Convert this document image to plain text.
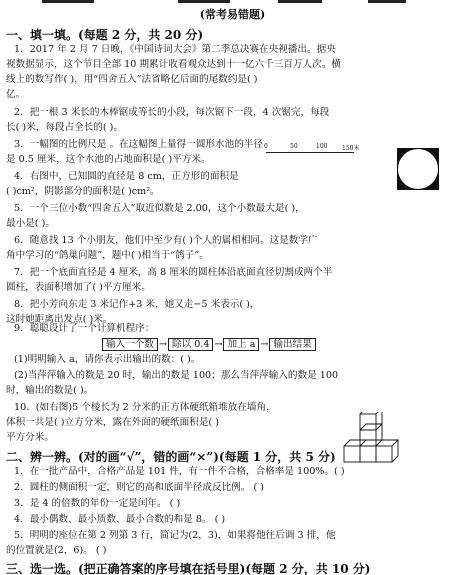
(常考易错题)
一、填一填。(每题 2 分，共 20 分)
1．2017 年 2 月 7 日晚，《中国诗词大会》第二季总决赛在央视播出。据央
视数据显示，这个节目全部 10 期累计收看观众达到十一亿六千三百万人次。横
线上的数写作( )，用“四舍五入”法省略亿后面的尾数约是( )
亿。
2．把一根 3 米长的木棒锯成等长的小段，每次锯下一段，4 次锯完，每段
长( )米，每段占全长的( )。
3．一幅图的比例尺是 。在这幅图上量得一圆形水池的半径
是 0.5 厘米，这个水池的占地面积是( )平方米。
0	50	100 150米
4．右图中，已知圆的直径是 8 cm，正方形的面积是
( )cm²，阴影部分的面积是( )cm²。
5．一个三位小数“四舍五入”取近似数是 2.00，这个小数最大是( )，
最小是( )。
6．随意找 13 个小朋友，他们中至少有( )个人的属相相同。这是数学广
角中学习的“鸽巢问题”，题中( )相当于“鸽子”。
7．把一个底面直径是 4 厘米，高 8 厘米的圆柱体沿底面直径切割成两个半
圆柱，表面积增加了( )平方厘米。
8．把小芳向东走 3 米记作+3 米，她又走−5 米表示( )，
这时她距离出发点( )米。
9．聪聪设计了一个计算机程序：
输入一个数 → 除以 0.4 → 加上 a → 输出结果
(1)明明输入 a，请你表示出输出的数：( )。
(2)当萍萍输入的数是 20 时，输出的数是 100；那么当萍萍输入的数是 100
时，输出的数是( )。
10．(如右图)5 个棱长为 2 分米的正方体硬纸箱堆放在墙角，
体积一共是( )立方分米，露在外面的硬纸面积是( )
平方分米。
二、辨一辨。(对的画“√”，错的画“×”)(每题 1 分，共 5 分)
1．在一批产品中，合格产品是 101 件，有一件不合格，合格率是 100%。( )
2．圆柱的侧面积一定，则它的高和底面半径成反比例。 ( )
3．是 4 的倍数的年份一定是闰年。 ( )
4．最小偶数、最小质数、最小合数的和是 8。 ( )
5．明明的座位在第 2 列第 3 行，简记为(2，3)，如果将他往后调 3 排，他
的位置就是(2，6)。 ( )
三、选一选。(把正确答案的序号填在括号里)(每题 2 分，共 10 分)
